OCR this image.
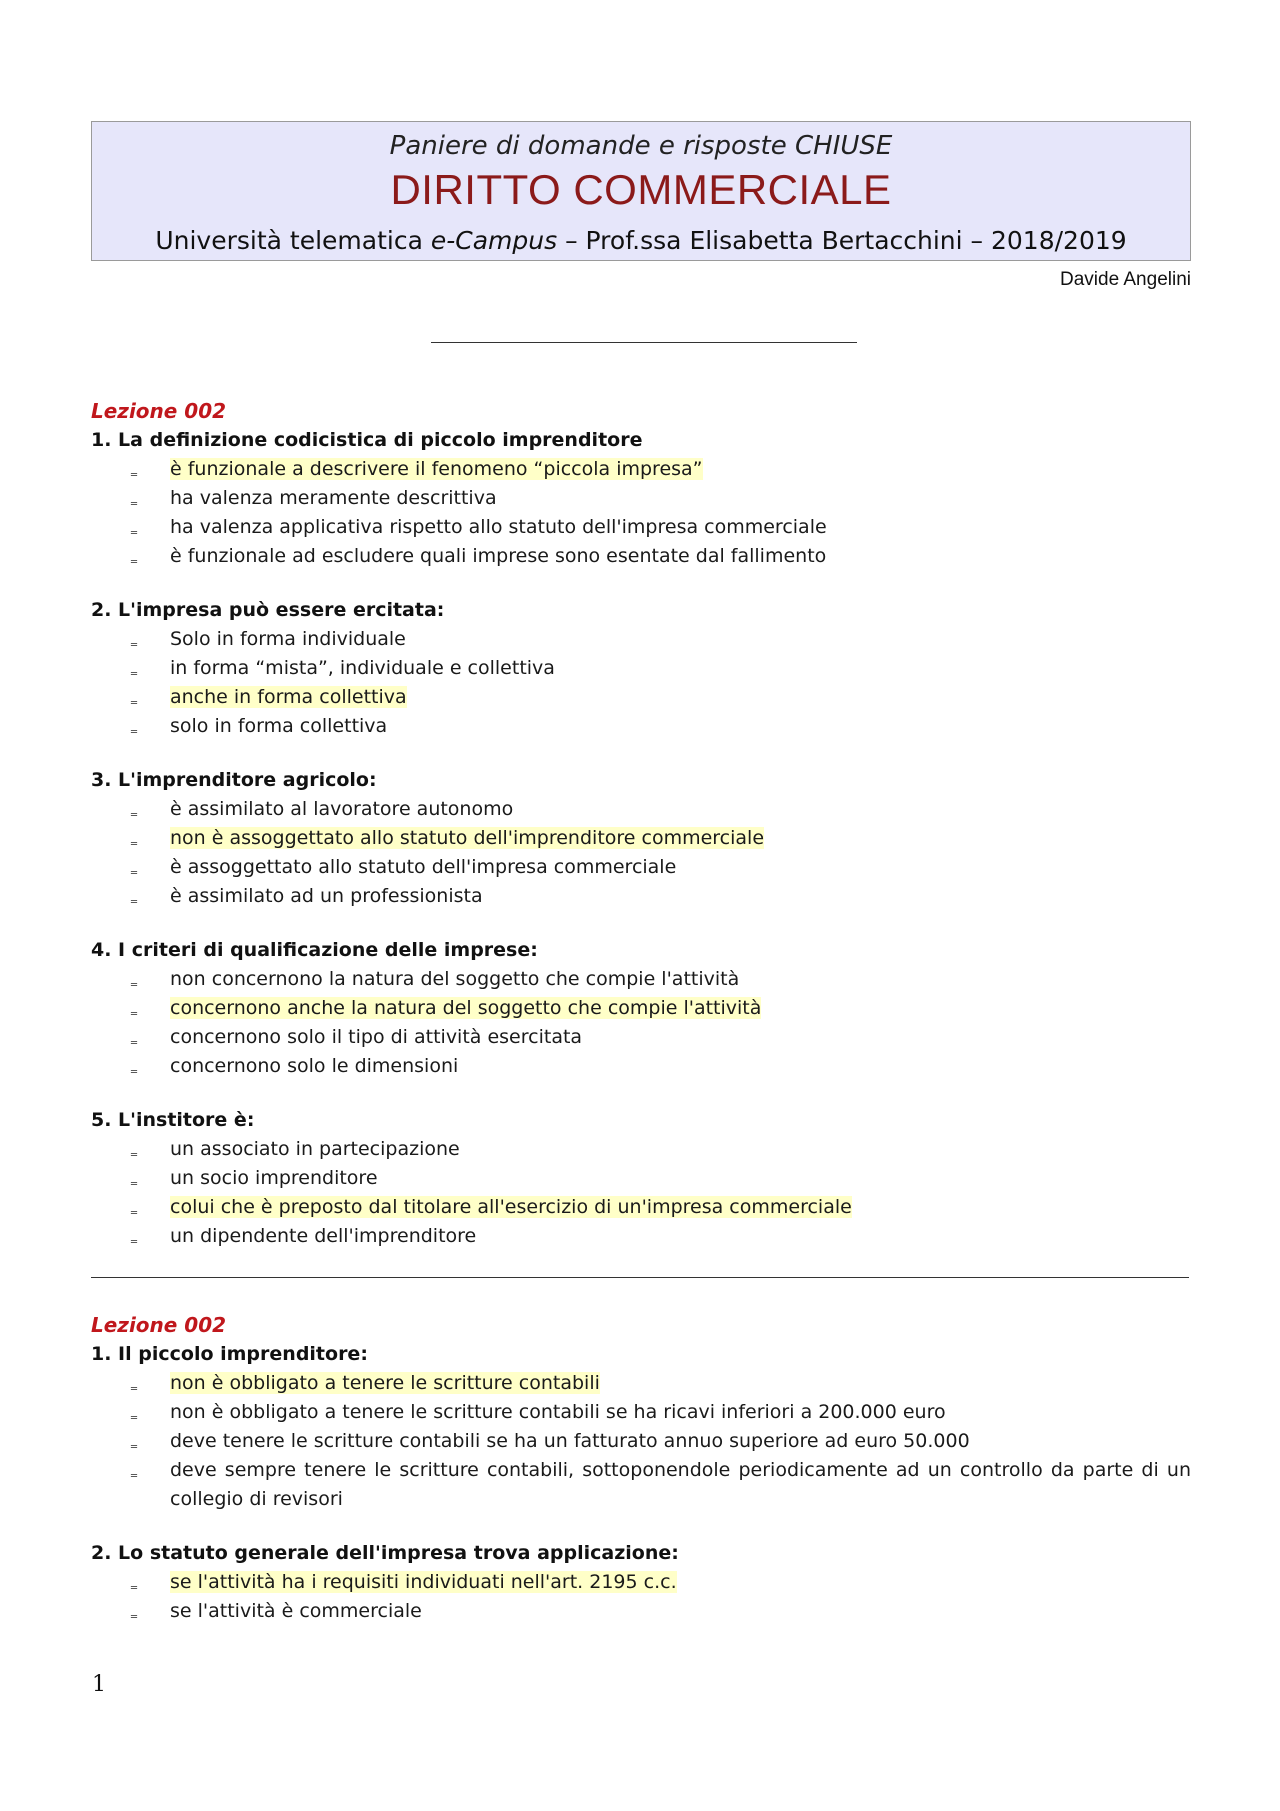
Paniere di domande e risposte CHIUSE
DIRITTO COMMERCIALE
Università telematica e-Campus – Prof.ssa Elisabetta Bertacchini – 2018/2019
Davide Angelini
Lezione 002
1. La definizione codicistica di piccolo imprenditore
‗ è funzionale a descrivere il fenomeno “piccola impresa”
‗ ha valenza meramente descrittiva
‗ ha valenza applicativa rispetto allo statuto dell'impresa commerciale
‗ è funzionale ad escludere quali imprese sono esentate dal fallimento
2. L'impresa può essere ercitata:
‗ Solo in forma individuale
‗ in forma “mista”, individuale e collettiva
‗ anche in forma collettiva
‗ solo in forma collettiva
3. L'imprenditore agricolo:
‗ è assimilato al lavoratore autonomo
‗ non è assoggettato allo statuto dell'imprenditore commerciale
‗ è assoggettato allo statuto dell'impresa commerciale
‗ è assimilato ad un professionista
4. I criteri di qualificazione delle imprese:
‗ non concernono la natura del soggetto che compie l'attività
‗ concernono anche la natura del soggetto che compie l'attività
‗ concernono solo il tipo di attività esercitata
‗ concernono solo le dimensioni
5. L'institore è:
‗ un associato in partecipazione
‗ un socio imprenditore
‗ colui che è preposto dal titolare all'esercizio di un'impresa commerciale
‗ un dipendente dell'imprenditore
Lezione 002
1. Il piccolo imprenditore:
‗ non è obbligato a tenere le scritture contabili
‗ non è obbligato a tenere le scritture contabili se ha ricavi inferiori a 200.000 euro
‗ deve tenere le scritture contabili se ha un fatturato annuo superiore ad euro 50.000
‗ deve sempre tenere le scritture contabili, sottoponendole periodicamente ad un controllo da parte di un collegio di revisori
2. Lo statuto generale dell'impresa trova applicazione:
‗ se l'attività ha i requisiti individuati nell'art. 2195 c.c.
‗ se l'attività è commerciale
1
